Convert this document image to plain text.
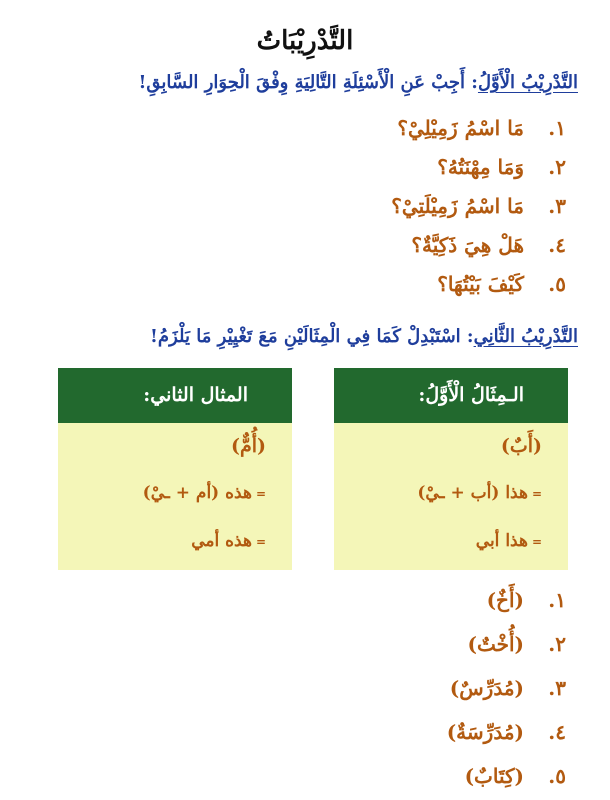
التَّدْرِيْبَاتُ
التَّدْرِيْبُ الْأَوَّلُ: أَجِبْ عَنِ الْأَسْئِلَةِ التَّالِيَةِ وِفْقَ الْحِوَارِ السَّابِقِ!
١.مَا اسْمُ زَمِيْلِيْ؟
٢.وَمَا مِهْنَتُهُ؟
٣.مَا اسْمُ زَمِيْلَتِيْ؟
٤.هَلْ هِيَ ذَكِيَّةٌ؟
٥.كَيْفَ بَيْتُهَا؟
التَّدْرِيْبُ الثَّانِي: اسْتَبْدِلْ كَمَا فِي الْمِثَالَيْنِ مَعَ تَغْيِيْرِ مَا يَلْزَمُ!
الـمِثَالُ الْأَوَّلُ:
(أَبٌ)
=هذا (أب + ـيْ)
=هذا أبي
المثال الثاني:
(أُمٌّ)
=هذه (أم + ـيْ)
=هذه أمي
١.(أَخٌ)
٢.(أُخْتٌ)
٣.(مُدَرِّسٌ)
٤.(مُدَرِّسَةٌ)
٥.(كِتَابٌ)
